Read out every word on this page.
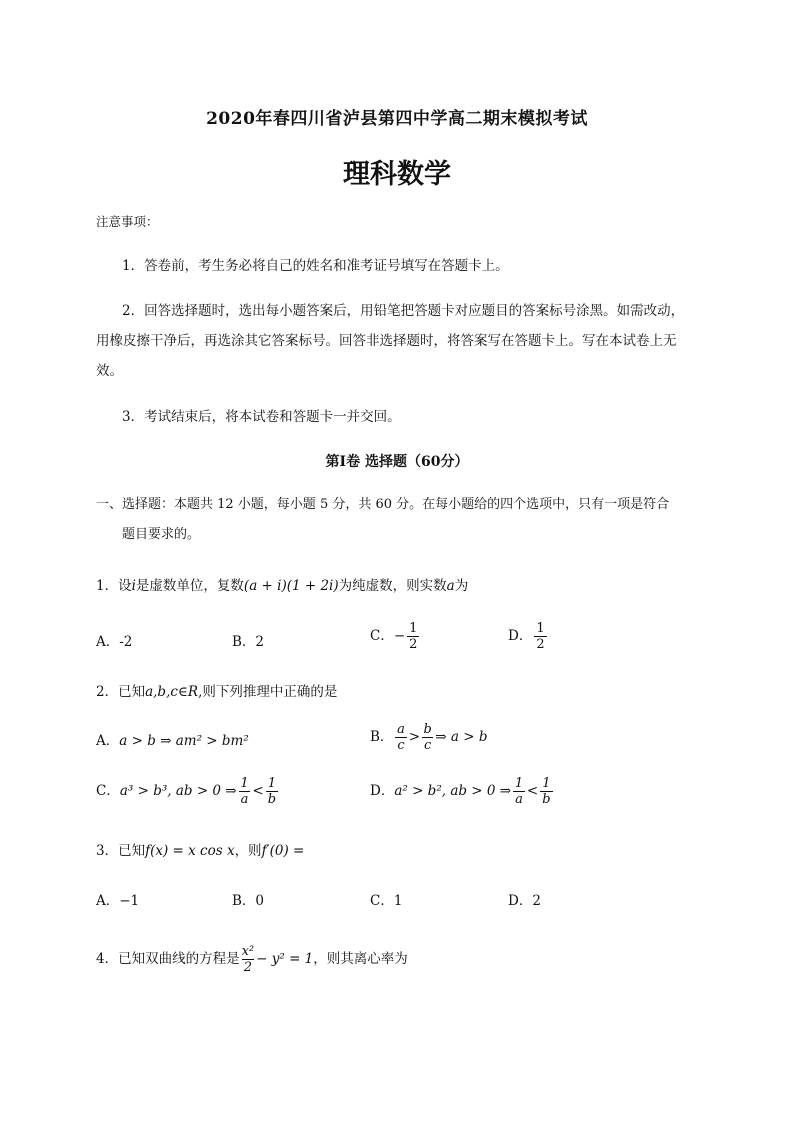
2020年春四川省泸县第四中学高二期末模拟考试
理科数学
注意事项：
1．答卷前，考生务必将自己的姓名和准考证号填写在答题卡上。
2．回答选择题时，选出每小题答案后，用铅笔把答题卡对应题目的答案标号涂黑。如需改动，
用橡皮擦干净后，再选涂其它答案标号。回答非选择题时，将答案写在答题卡上。写在本试卷上无
效。
3．考试结束后，将本试卷和答题卡一并交回。
第Ⅰ卷 选择题（60分）
一、选择题：本题共 12 小题，每小题 5 分，共 60 分。在每小题给的四个选项中，只有一项是符合
题目要求的。
1．设i是虚数单位，复数(a + i)(1 + 2i)为纯虚数，则实数a为
A．-2	B．2	C．− $\frac{1}{2}$	D． $\frac{1}{2}$
2．已知a,b,c∈R,则下列推理中正确的是
A．a > b ⇒ am² > bm²	B． $\frac{a}{c} > \frac{b}{c}$ ⇒ a > b
C．a³ > b³, ab > 0 ⇒ $\frac{1}{a} < \frac{1}{b}$	D．a² > b², ab > 0 ⇒ $\frac{1}{a} < \frac{1}{b}$
3．已知f(x) = x cos x，则f′(0) =
A．−1	B．0	C．1	D．2
4．已知双曲线的方程是 $\frac{\text{x²}}{2} - y^2 = 1$，则其离心率为
